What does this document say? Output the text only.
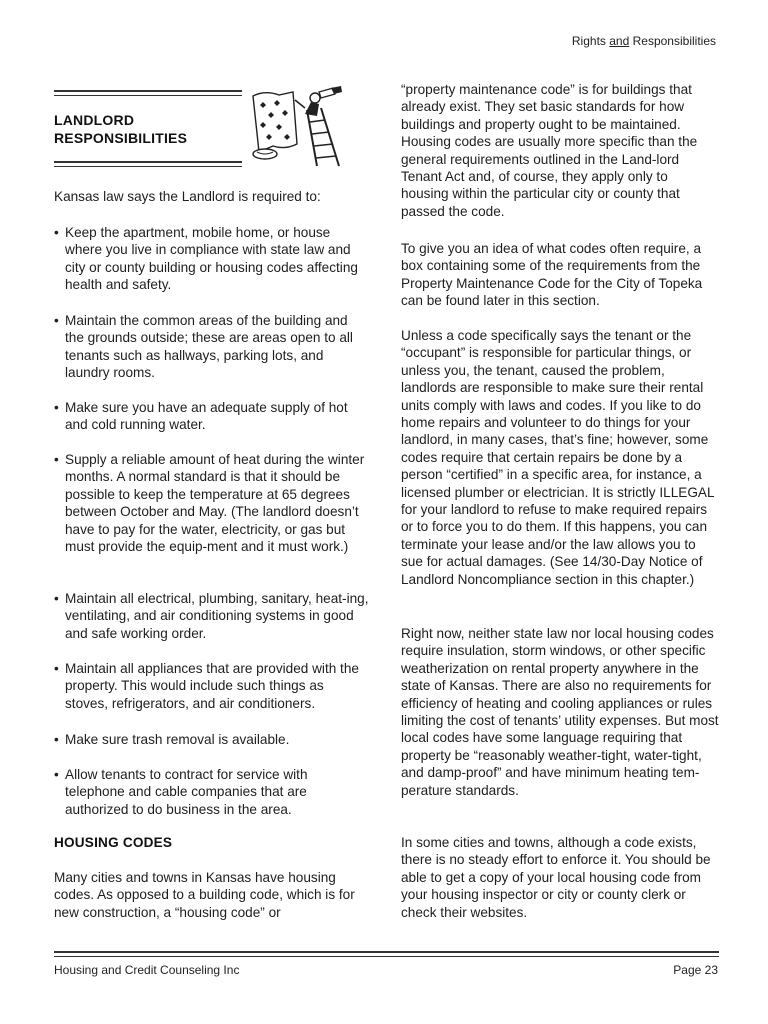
Rights and Responsibilities
LANDLORD
RESPONSIBILITIES
Kansas law says the Landlord is required to:
• Keep the apartment, mobile home, or house where you live in compliance with state law and city or county building or housing codes affecting health and safety.
• Maintain the common areas of the building and the grounds outside; these are areas open to all tenants such as hallways, parking lots, and laundry rooms.
• Make sure you have an adequate supply of hot and cold running water.
• Supply a reliable amount of heat during the winter months. A normal standard is that it should be possible to keep the temperature at 65 degrees between October and May. (The landlord doesn’t have to pay for the water, electricity, or gas but must provide the equip-ment and it must work.)
• Maintain all electrical, plumbing, sanitary, heat-ing, ventilating, and air conditioning systems in good and safe working order.
• Maintain all appliances that are provided with the property. This would include such things as stoves, refrigerators, and air conditioners.
• Make sure trash removal is available.
• Allow tenants to contract for service with telephone and cable companies that are authorized to do business in the area.
HOUSING CODES
Many cities and towns in Kansas have housing codes. As opposed to a building code, which is for new construction, a “housing code” or
“property maintenance code” is for buildings that already exist. They set basic standards for how buildings and property ought to be maintained. Housing codes are usually more specific than the general requirements outlined in the Land-lord Tenant Act and, of course, they apply only to housing within the particular city or county that passed the code.
To give you an idea of what codes often require, a box containing some of the requirements from the Property Maintenance Code for the City of Topeka can be found later in this section.
Unless a code specifically says the tenant or the “occupant” is responsible for particular things, or unless you, the tenant, caused the problem, landlords are responsible to make sure their rental units comply with laws and codes. If you like to do home repairs and volunteer to do things for your landlord, in many cases, that’s fine; however, some codes require that certain repairs be done by a person “certified” in a specific area, for instance, a licensed plumber or electrician. It is strictly ILLEGAL for your landlord to refuse to make required repairs or to force you to do them. If this happens, you can terminate your lease and/or the law allows you to sue for actual damages. (See 14/30-Day Notice of Landlord Noncompliance section in this chapter.)
Right now, neither state law nor local housing codes require insulation, storm windows, or other specific weatherization on rental property anywhere in the state of Kansas. There are also no requirements for efficiency of heating and cooling appliances or rules limiting the cost of tenants’ utility expenses. But most local codes have some language requiring that property be “reasonably weather-tight, water-tight, and damp-proof” and have minimum heating tem-perature standards.
In some cities and towns, although a code exists, there is no steady effort to enforce it. You should be able to get a copy of your local housing code from your housing inspector or city or county clerk or check their websites.
Housing and Credit Counseling Inc	Page 23
